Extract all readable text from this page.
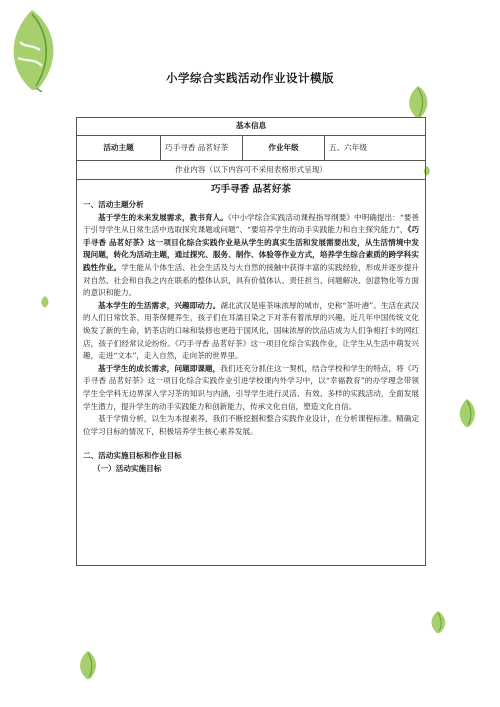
小学综合实践活动作业设计模版
基本信息
活动主题	巧手寻香 品茗好茶	作业年级	五、六年级
作业内容（以下内容可不采用表格形式呈现）
巧手寻香 品茗好茶
一、活动主题分析

基于学生的未来发展需求，教书育人。《中小学综合实践活动课程指导纲要》中明确提出：“要善于引导学生从日常生活中选取探究课题或问题”、“要培养学生的动手实践能力和自主探究能力”，《巧手寻香 品茗好茶》这一项目化综合实践作业是从学生的真实生活和发展需要出发，从生活情境中发现问题，转化为活动主题，通过探究、服务、制作、体验等作业方式，培养学生综合素质的跨学科实践性作业。学生能从个体生活、社会生活及与大自然的接触中获得丰富的实践经验，形成并逐步提升对自然、社会和自我之内在联系的整体认识，具有价值体认、责任担当、问题解决、创意物化等方面的意识和能力。

基本学生的生活需求，兴趣即动力。湖北武汉是座茶味浓厚的城市，史称“茶叶港”。生活在武汉的人们日常饮茶、用茶保健养生，孩子们在耳濡目染之下对茶有着浓厚的兴趣。近几年中国传统文化焕发了新的生命，奶茶店的口味和装修也更趋于国风化，国味浓厚的饮品店成为人们争相打卡的网红店，孩子们经常议论纷纷。《巧手寻香 品茗好茶》这一项目化综合实践作业，让学生从生活中萌发兴趣，走进“文本”，走入自然，走向茶的世界里。

基于学生的成长需求，问题即课题，我们还充分抓住这一契机，结合学校和学生的特点，将《巧手寻香 品茗好茶》这一项目化综合实践作业引进学校课内外学习中，以“幸福教育”的办学理念带领学生全学科无边界深入学习茶的知识与内涵，引导学生进行灵活、有效、多样的实践活动，全面发展学生潜力，提升学生的动手实践能力和创新能力，传承文化自信，塑造文化自信。

基于学情分析，以生为本提素养，我们不断挖掘和整合实践作业设计，在分析课程标准、精确定位学习目标的情况下，积极培养学生核心素养发展。

二、活动实施目标和作业目标
（一）活动实施目标
